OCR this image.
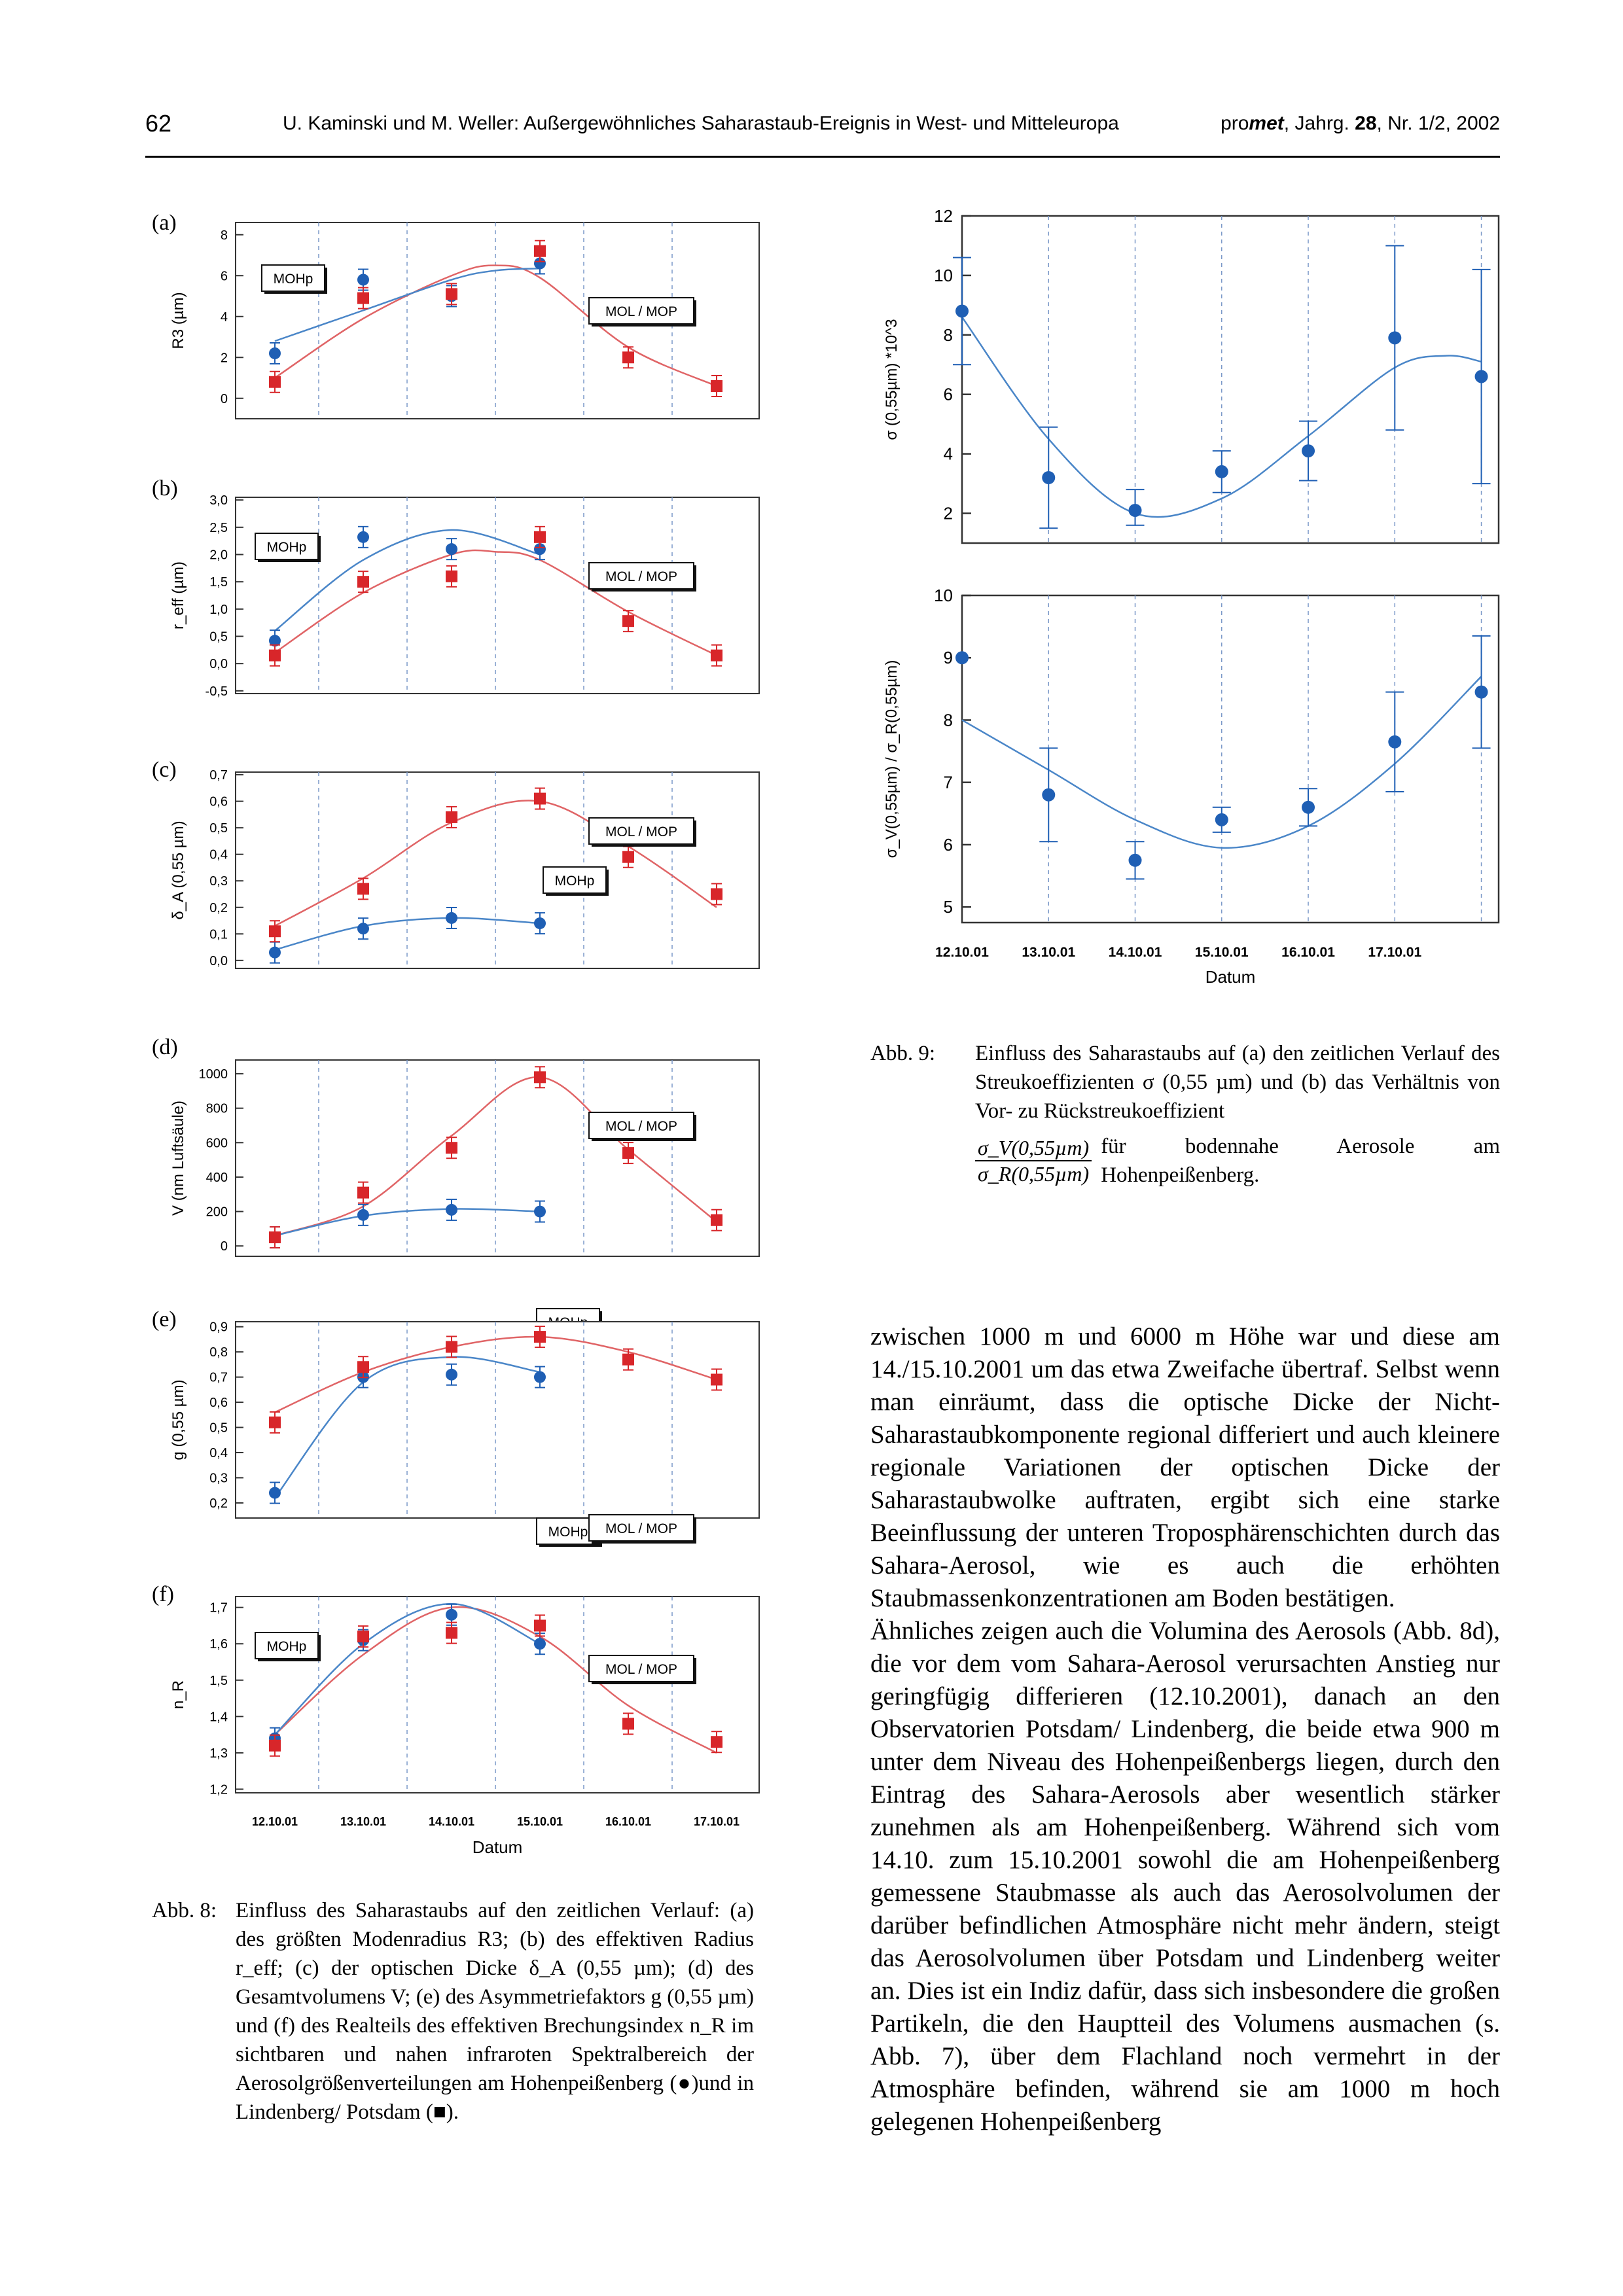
62	U. Kaminski und M. Weller: Außergewöhnliches Saharastaub-Ereignis in West- und Mitteleuropa	promet, Jahrg. 28, Nr. 1/2, 2002
(a)
(b)
(c)
(d)
(e)
(f)
8
6
4
2
0
R3 (µm)
MOHp
MOL / MOP
3,0
2,5
2,0
1,5
1,0
0,5
0,0
-0,5
r_eff (µm)
MOHp
MOL / MOP
0,7
0,6
0,5
0,4
0,3
0,2
0,1
0,0
δ_A (0,55 µm)	MOHp
MOL / MOP
1000
800
600
400
200
0
V (nm Luftsäule)	MOL / MOP
0,9
0,8
0,7
0,6
0,5
0,4
0,3
0,2
g (0,55 µm)
MOHp MOL / MOP
1,7
1,6
1,5
1,4
1,3
1,2
n_R
MOHp
MOL / MOP
12.10.01	13.10.01	14.10.01	15.10.01	16.10.01	17.10.01
Datum
12
10
8
6
4
2
σ (0,55µm) *10^3
10
9
8
7
6
5
σ_V(0,55µm) / σ_R(0,55µm)
12.10.01 13.10.01 14.10.01 15.10.01 16.10.01 17.10.01
Datum
Abb. 9: Einfluss des Saharastaubs auf (a) den zeitlichen Verlauf des Streukoeffizienten σ (0,55 µm) und (b) das Verhältnis von Vor- zu Rückstreukoeffizient
$\frac{\text{σ\_V(0,55µm)}}{\text{σ\_R(0,55µm)}}$ für bodennahe Aerosole am Hohenpeißenberg.
Abb. 8: Einfluss des Saharastaubs auf den zeitlichen Verlauf: (a) des größten Modenradius R3; (b) des effektiven Radius r_eff; (c) der optischen Dicke δ_A (0,55 µm); (d) des Gesamtvolumens V; (e) des Asymmetriefaktors g (0,55 µm) und (f) des Realteils des effektiven Brechungsindex n_R im sichtbaren und nahen infraroten Spektralbereich der Aerosolgrößenverteilungen am Hohenpeißenberg (●)und in Lindenberg/ Potsdam (■).

zwischen 1000 m und 6000 m Höhe war und diese am 14./15.10.2001 um das etwa Zweifache übertraf. Selbst wenn man einräumt, dass die optische Dicke der Nicht-Saharastaubkomponente regional differiert und auch kleinere regionale Variationen der optischen Dicke der Saharastaubwolke auftraten, ergibt sich eine starke Beeinflussung der unteren Troposphärenschichten durch das Sahara-Aerosol, wie es auch die erhöhten Staubmassenkonzentrationen am Boden bestätigen.

Ähnliches zeigen auch die Volumina des Aerosols (Abb. 8d), die vor dem vom Sahara-Aerosol verursachten Anstieg nur geringfügig differieren (12.10.2001), danach an den Observatorien Potsdam/ Lindenberg, die beide etwa 900 m unter dem Niveau des Hohenpeißenbergs liegen, durch den Eintrag des Sahara-Aerosols aber wesentlich stärker zunehmen als am Hohenpeißenberg. Während sich vom 14.10. zum 15.10.2001 sowohl die am Hohenpeißenberg gemessene Staubmasse als auch das Aerosolvolumen der darüber befindlichen Atmosphäre nicht mehr ändern, steigt das Aerosolvolumen über Potsdam und Lindenberg weiter an. Dies ist ein Indiz dafür, dass sich insbesondere die großen Partikeln, die den Hauptteil des Volumens ausmachen (s. Abb. 7), über dem Flachland noch vermehrt in der Atmosphäre befinden, während sie am 1000 m hoch gelegenen Hohenpeißenberg
